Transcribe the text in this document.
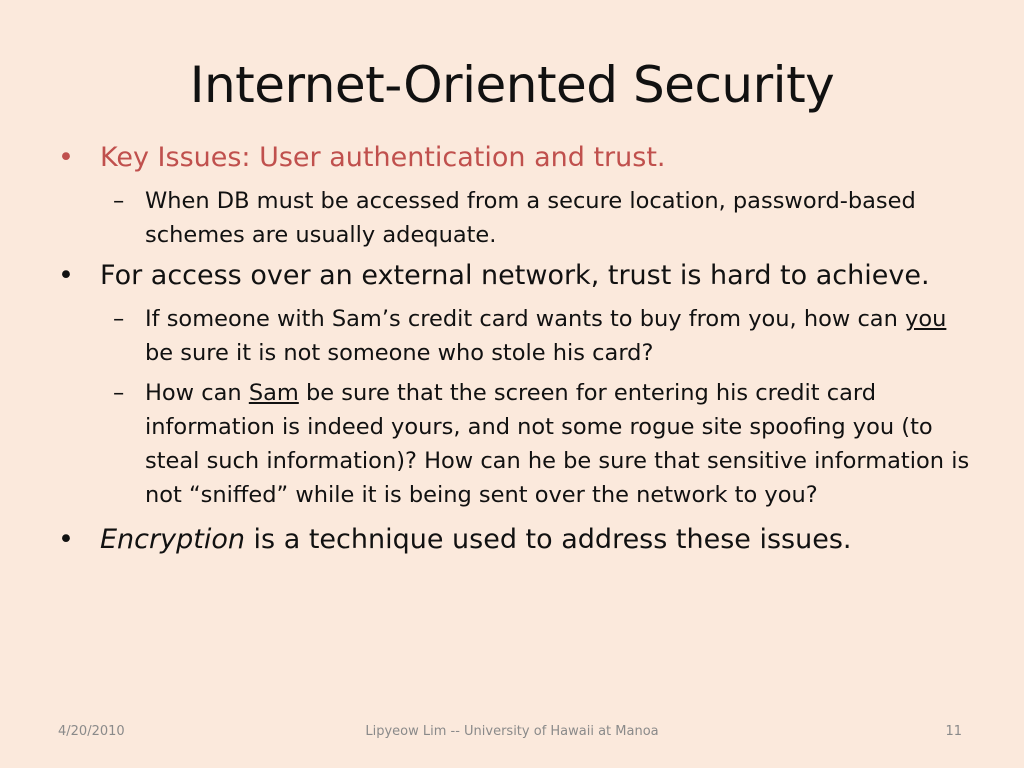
Internet-Oriented Security

• Key Issues: User authentication and trust.

– When DB must be accessed from a secure location, password-based schemes are usually adequate.

• For access over an external network, trust is hard to achieve.

– If someone with Sam’s credit card wants to buy from you, how can you be sure it is not someone who stole his card?

– How can Sam be sure that the screen for entering his credit card information is indeed yours, and not some rogue site spoofing you (to steal such information)? How can he be sure that sensitive information is not “sniffed” while it is being sent over the network to you?

• Encryption is a technique used to address these issues.

4/20/2010	Lipyeow Lim -- University of Hawaii at Manoa	11
